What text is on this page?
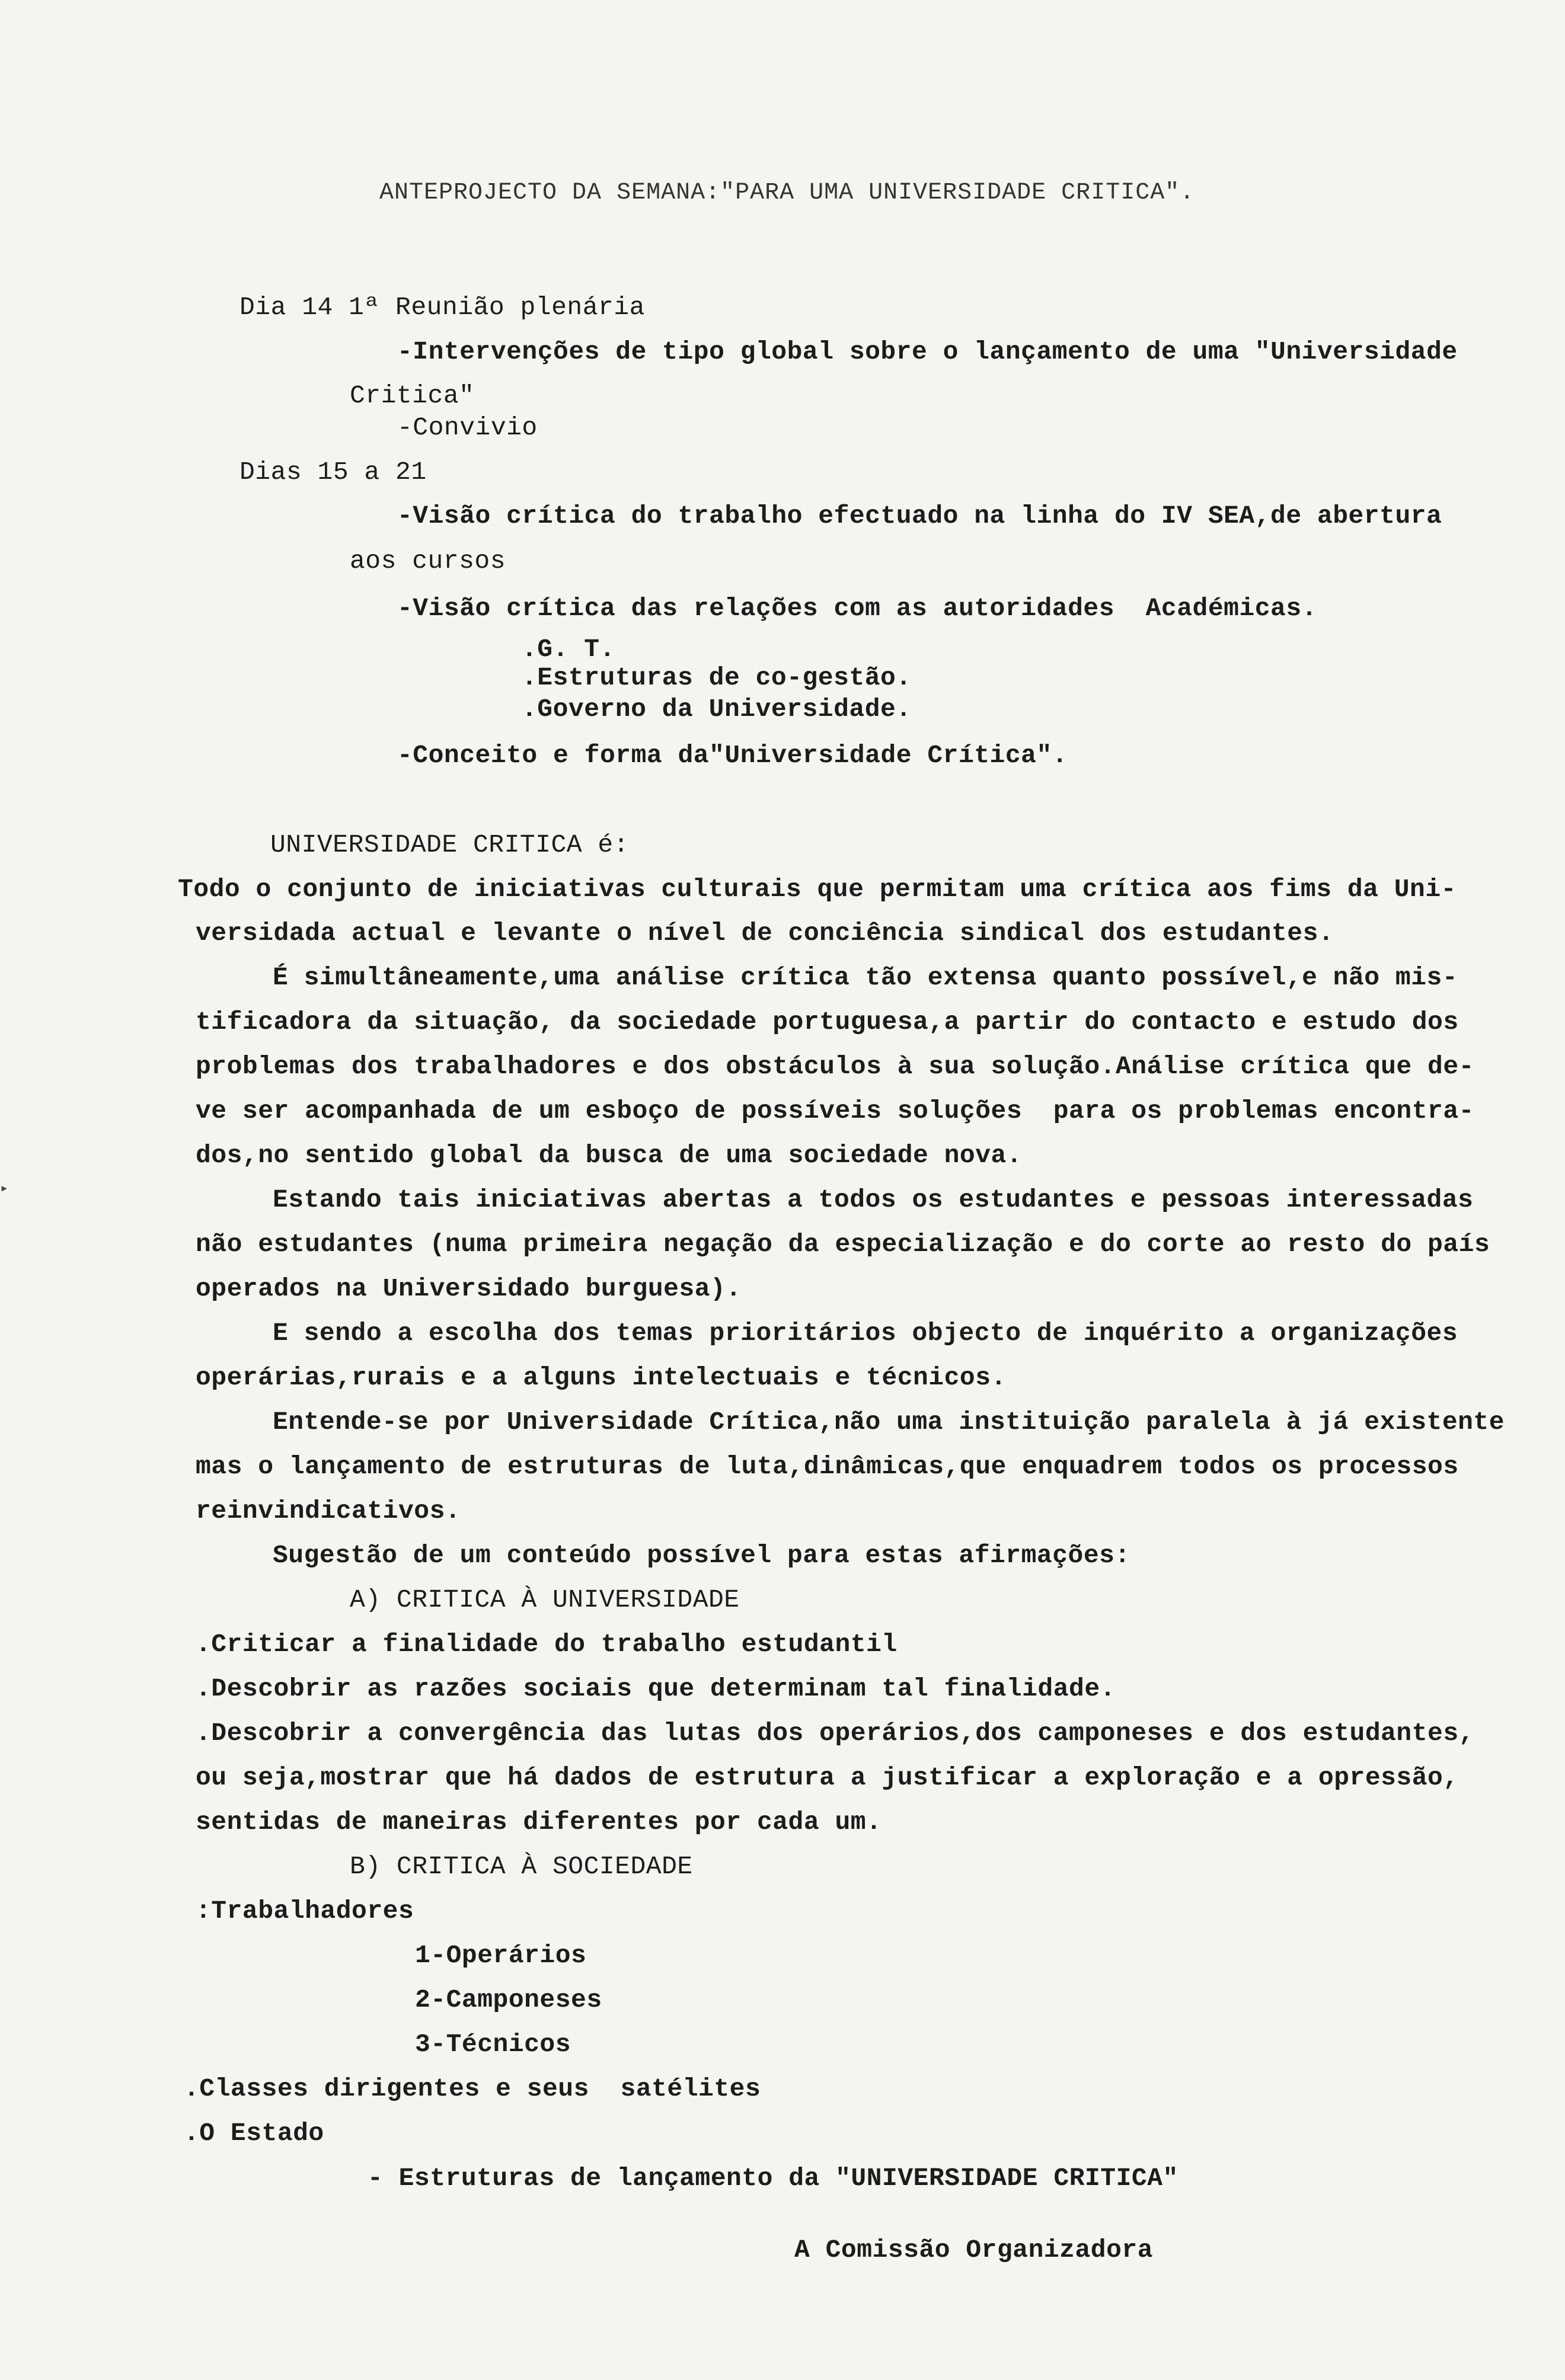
ANTEPROJECTO DA SEMANA:"PARA UMA UNIVERSIDADE CRITICA".
Dia 14 1ª Reunião plenária
-Intervenções de tipo global sobre o lançamento de uma "Universidade
Critica"
-Convivio
Dias 15 a 21
-Visão crítica do trabalho efectuado na linha do IV SEA,de abertura
aos cursos
-Visão crítica das relações com as autoridades  Académicas.
.G. T.
.Estruturas de co-gestão.
.Governo da Universidade.
-Conceito e forma da"Universidade Crítica".
UNIVERSIDADE CRITICA é:
Todo o conjunto de iniciativas culturais que permitam uma crítica aos fims da Uni-
versidada actual e levante o nível de conciência sindical dos estudantes.
É simultâneamente,uma análise crítica tão extensa quanto possível,e não mis-
tificadora da situação, da sociedade portuguesa,a partir do contacto e estudo dos
problemas dos trabalhadores e dos obstáculos à sua solução.Análise crítica que de-
ve ser acompanhada de um esboço de possíveis soluções  para os problemas encontra-
dos,no sentido global da busca de uma sociedade nova.
Estando tais iniciativas abertas a todos os estudantes e pessoas interessadas
não estudantes (numa primeira negação da especialização e do corte ao resto do país
operados na Universidado burguesa).
E sendo a escolha dos temas prioritários objecto de inquérito a organizações
operárias,rurais e a alguns intelectuais e técnicos.
Entende-se por Universidade Crítica,não uma instituição paralela à já existente
mas o lançamento de estruturas de luta,dinâmicas,que enquadrem todos os processos
reinvindicativos.
Sugestão de um conteúdo possível para estas afirmações:
A) CRITICA À UNIVERSIDADE
.Criticar a finalidade do trabalho estudantil
.Descobrir as razões sociais que determinam tal finalidade.
.Descobrir a convergência das lutas dos operários,dos camponeses e dos estudantes,
ou seja,mostrar que há dados de estrutura a justificar a exploração e a opressão,
sentidas de maneiras diferentes por cada um.
B) CRITICA À SOCIEDADE
:Trabalhadores
1-Operários
2-Camponeses
3-Técnicos
.Classes dirigentes e seus  satélites
.O Estado
- Estruturas de lançamento da "UNIVERSIDADE CRITICA"
A Comissão Organizadora
▸
